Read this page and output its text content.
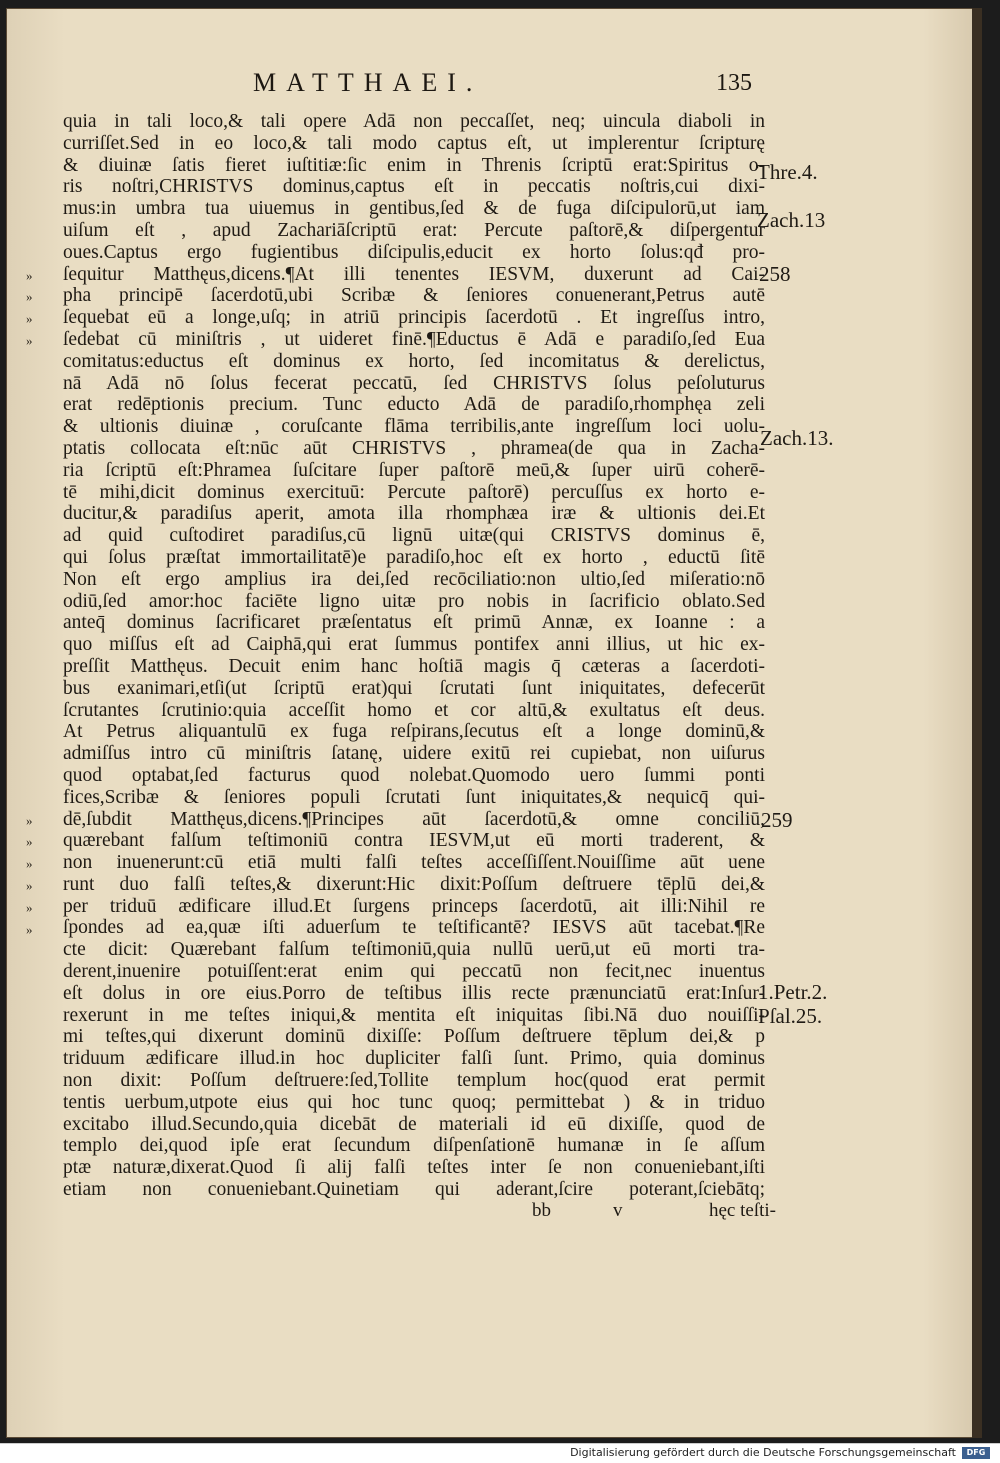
MATTHAEI.	135
quia in tali loco,& tali opere Adā non peccaſſet, neq; uincula diaboli in
curriſſet.Sed in eo loco,& tali modo captus eſt, ut implerentur ſcripturę
& diuinæ ſatis fieret iuſtitiæ:ſic enim in Threnis ſcriptū erat:Spiritus o-
ris noſtri,CHRISTVS dominus,captus eſt in peccatis noſtris,cui dixi-
mus:in umbra tua uiuemus in gentibus,ſed & de fuga diſcipulorū,ut iam
uiſum eſt , apud Zachariāſcriptū erat: Percute paſtorē,& diſpergentur
oues.Captus ergo fugientibus diſcipulis,educit ex horto ſolus:qđ pro-
ſequitur Matthęus,dicens.¶At illi tenentes IESVM, duxerunt ad Cai-
pha principē ſacerdotū,ubi Scribæ & ſeniores conuenerant,Petrus autē
ſequebat eū a longe,uſq; in atriū principis ſacerdotū . Et ingreſſus intro,
ſedebat cū miniſtris , ut uideret finē.¶Eductus ē Adā e paradiſo,ſed Eua
comitatus:eductus eſt dominus ex horto, ſed incomitatus & derelictus,
nā Adā nō ſolus fecerat peccatū, ſed CHRISTVS ſolus peſoluturus
erat redēptionis precium. Tunc educto Adā de paradiſo,rhomphęa zeli
& ultionis diuinæ , coruſcante flāma terribilis,ante ingreſſum loci uolu-
ptatis collocata eſt:nūc aūt CHRISTVS , phramea(de qua in Zacha-
ria ſcriptū eſt:Phramea ſuſcitare ſuper paſtorē meū,& ſuper uirū coherē-
tē mihi,dicit dominus exercituū: Percute paſtorē) percuſſus ex horto e-
ducitur,& paradiſus aperit, amota illa rhomphæa iræ & ultionis dei.Et
ad quid cuſtodiret paradiſus,cū lignū uitæ(qui CRISTVS dominus ē,
qui ſolus præſtat immortailitatē)e paradiſo,hoc eſt ex horto , eductū ſitē
Non eſt ergo amplius ira dei,ſed recōciliatio:non ultio,ſed miſeratio:nō
odiū,ſed amor:hoc faciēte ligno uitæ pro nobis in ſacrificio oblato.Sed
anteq̄ dominus ſacrificaret præſentatus eſt primū Annæ, ex Ioanne : a
quo miſſus eſt ad Caiphā,qui erat ſummus pontifex anni illius, ut hic ex-
preſſit Matthęus. Decuit enim hanc hoſtiā magis q̄ cæteras a ſacerdoti-
bus exanimari,etſi(ut ſcriptū erat)qui ſcrutati ſunt iniquitates, defecerūt
ſcrutantes ſcrutinio:quia acceſſit homo et cor altū,& exultatus eſt deus.
At Petrus aliquantulū ex fuga reſpirans,ſecutus eſt a longe dominū,&
admiſſus intro cū miniſtris ſatanę, uidere exitū rei cupiebat, non uiſurus
quod optabat,ſed facturus quod nolebat.Quomodo uero ſummi ponti
fices,Scribæ & ſeniores populi ſcrutati ſunt iniquitates,& nequicq̄ qui-
dē,ſubdit Matthęus,dicens.¶Principes aūt ſacerdotū,& omne conciliū,
quærebant falſum teſtimoniū contra IESVM,ut eū morti traderent, &
non inuenerunt:cū etiā multi falſi teſtes acceſſiſſent.Nouiſſime aūt uene
runt duo falſi teſtes,& dixerunt:Hic dixit:Poſſum deſtruere tēplū dei,&
per triduū ædificare illud.Et ſurgens princeps ſacerdotū, ait illi:Nihil re
ſpondes ad ea,quæ iſti aduerſum te teſtificantē? IESVS aūt tacebat.¶Re
cte dicit: Quærebant falſum teſtimoniū,quia nullū uerū,ut eū morti tra-
derent,inuenire potuiſſent:erat enim qui peccatū non fecit,nec inuentus
eſt dolus in ore eius.Porro de teſtibus illis recte prænunciatū erat:Inſur-
rexerunt in me teſtes iniqui,& mentita eſt iniquitas ſibi.Nā duo nouiſſi-
mi teſtes,qui dixerunt dominū dixiſſe: Poſſum deſtruere tēplum dei,& p
triduum ædificare illud.in hoc dupliciter falſi ſunt. Primo, quia dominus
non dixit: Poſſum deſtruere:ſed,Tollite templum hoc(quod erat permit
tentis uerbum,utpote eius qui hoc tunc quoq; permittebat ) & in triduo
excitabo illud.Secundo,quia dicebāt de materiali id eū dixiſſe, quod de
templo dei,quod ipſe erat ſecundum diſpenſationē humanæ in ſe aſſum
ptæ naturæ,dixerat.Quod ſi alij falſi teſtes inter ſe non conueniebant,iſti
etiam non conueniebant.Quinetiam qui aderant,ſcire poterant,ſciebātq;
»
»
»
»
»
»
»
»
»
»
Thre.4.
Zach.13
258
Zach.13.
259
1.Petr.2.
Pſal.25.
bb	v	hęc teſti-
Digitalisierung gefördert durch die Deutsche Forschungsgemeinschaft	DFG
